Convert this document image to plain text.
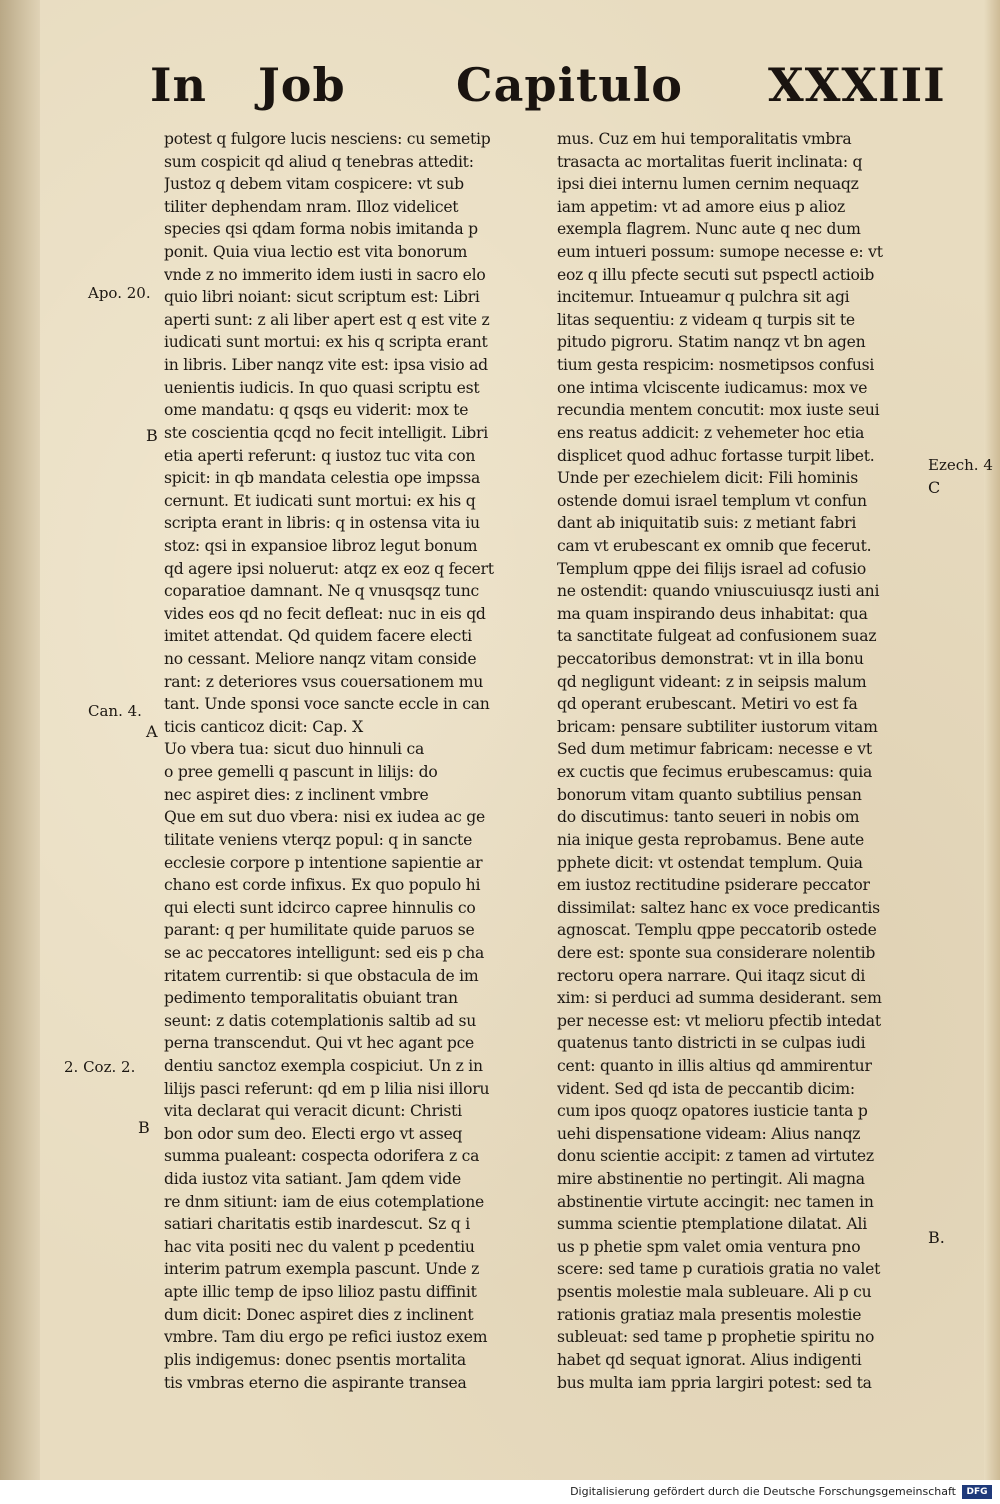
In Job Capitulo XXXIII
potest q fulgore lucis nesciens: cu semetip
sum cospicit qd aliud q tenebras attedit:
Justoz q debem vitam cospicere: vt sub
tiliter dephendam nram. Illoz videlicet
species qsi qdam forma nobis imitanda p
ponit. Quia viua lectio est vita bonorum
vnde z no immerito idem iusti in sacro elo
quio libri noiant: sicut scriptum est: Libri
aperti sunt: z ali liber apert est q est vite z
iudicati sunt mortui: ex his q scripta erant
in libris. Liber nanqz vite est: ipsa visio ad
uenientis iudicis. In quo quasi scriptu est
ome mandatu: q qsqs eu viderit: mox te
ste coscientia qcqd no fecit intelligit. Libri
etia aperti referunt: q iustoz tuc vita con
spicit: in qb mandata celestia ope impssa
cernunt. Et iudicati sunt mortui: ex his q
scripta erant in libris: q in ostensa vita iu
stoz: qsi in expansioe libroz legut bonum
qd agere ipsi noluerut: atqz ex eoz q fecert
coparatioe damnant. Ne q vnusqsqz tunc
vides eos qd no fecit defleat: nuc in eis qd
imitet attendat. Qd quidem facere electi
no cessant. Meliore nanqz vitam conside
rant: z deteriores vsus couersationem mu
tant. Unde sponsi voce sancte eccle in can
ticis canticoz dicit: Cap. X
Uo vbera tua: sicut duo hinnuli ca
o pree gemelli q pascunt in lilijs: do
nec aspiret dies: z inclinent vmbre
Que em sut duo vbera: nisi ex iudea ac ge
tilitate veniens vterqz popul: q in sancte
ecclesie corpore p intentione sapientie ar
chano est corde infixus. Ex quo populo hi
qui electi sunt idcirco capree hinnulis co
parant: q per humilitate quide paruos se
se ac peccatores intelligunt: sed eis p cha
ritatem currentib: si que obstacula de im
pedimento temporalitatis obuiant tran
seunt: z datis cotemplationis saltib ad su
perna transcendut. Qui vt hec agant pce
dentiu sanctoz exempla cospiciut. Un z in
lilijs pasci referunt: qd em p lilia nisi illoru
vita declarat qui veracit dicunt: Christi
bon odor sum deo. Electi ergo vt asseq
summa pualeant: cospecta odorifera z ca
dida iustoz vita satiant. Jam qdem vide
re dnm sitiunt: iam de eius cotemplatione
satiari charitatis estib inardescut. Sz q i
hac vita positi nec du valent p pcedentiu
interim patrum exempla pascunt. Unde z
apte illic temp de ipso lilioz pastu diffinit
dum dicit: Donec aspiret dies z inclinent
vmbre. Tam diu ergo pe refici iustoz exem
plis indigemus: donec psentis mortalita
tis vmbras eterno die aspirante transea
mus. Cuz em hui temporalitatis vmbra
trasacta ac mortalitas fuerit inclinata: q
ipsi diei internu lumen cernim nequaqz
iam appetim: vt ad amore eius p alioz
exempla flagrem. Nunc aute q nec dum
eum intueri possum: sumope necesse e: vt
eoz q illu pfecte secuti sut pspectl actioib
incitemur. Intueamur q pulchra sit agi
litas sequentiu: z videam q turpis sit te
pitudo pigroru. Statim nanqz vt bn agen
tium gesta respicim: nosmetipsos confusi
one intima vlciscente iudicamus: mox ve
recundia mentem concutit: mox iuste seui
ens reatus addicit: z vehemeter hoc etia
displicet quod adhuc fortasse turpit libet.
Unde per ezechielem dicit: Fili hominis
ostende domui israel templum vt confun
dant ab iniquitatib suis: z metiant fabri
cam vt erubescant ex omnib que fecerut.
Templum qppe dei filijs israel ad cofusio
ne ostendit: quando vniuscuiusqz iusti ani
ma quam inspirando deus inhabitat: qua
ta sanctitate fulgeat ad confusionem suaz
peccatoribus demonstrat: vt in illa bonu
qd negligunt videant: z in seipsis malum
qd operant erubescant. Metiri vo est fa
bricam: pensare subtiliter iustorum vitam
Sed dum metimur fabricam: necesse e vt
ex cuctis que fecimus erubescamus: quia
bonorum vitam quanto subtilius pensan
do discutimus: tanto seueri in nobis om
nia inique gesta reprobamus. Bene aute
pphete dicit: vt ostendat templum. Quia
em iustoz rectitudine psiderare peccator
dissimilat: saltez hanc ex voce predicantis
agnoscat. Templu qppe peccatorib ostede
dere est: sponte sua considerare nolentib
rectoru opera narrare. Qui itaqz sicut di
xim: si perduci ad summa desiderant. sem
per necesse est: vt melioru pfectib intedat
quatenus tanto districti in se culpas iudi
cent: quanto in illis altius qd ammirentur
vident. Sed qd ista de peccantib dicim:
cum ipos quoqz opatores iusticie tanta p
uehi dispensatione videam: Alius nanqz
donu scientie accipit: z tamen ad virtutez
mire abstinentie no pertingit. Ali magna
abstinentie virtute accingit: nec tamen in
summa scientie ptemplatione dilatat. Ali
us p phetie spm valet omia ventura pno
scere: sed tame p curatiois gratia no valet
psentis molestie mala subleuare. Ali p cu
rationis gratiaz mala presentis molestie
subleuat: sed tame p prophetie spiritu no
habet qd sequat ignorat. Alius indigenti
bus multa iam ppria largiri potest: sed ta
Apo. 20.
B
Can. 4.
A
2. Coz. 2.
B
Ezech. 4
C
B.
Digitalisierung gefördert durch die Deutsche Forschungsgemeinschaft	DFG
